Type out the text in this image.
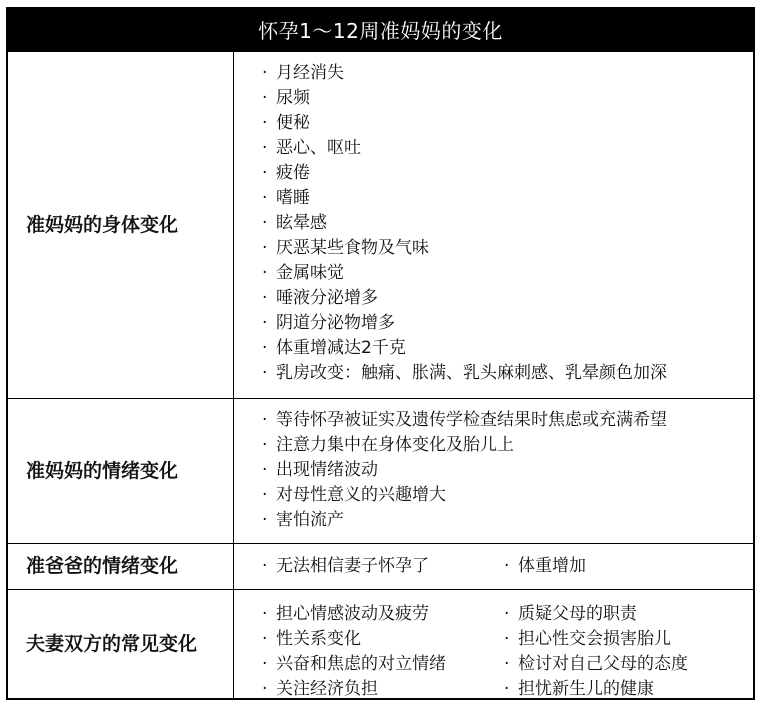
怀孕1～12周准妈妈的变化
准妈妈的身体变化
· 月经消失
· 尿频
· 便秘
· 恶心、呕吐
· 疲倦
· 嗜睡
· 眩晕感
· 厌恶某些食物及气味
· 金属味觉
· 唾液分泌增多
· 阴道分泌物增多
· 体重增减达2千克
· 乳房改变：触痛、胀满、乳头麻刺感、乳晕颜色加深
准妈妈的情绪变化
· 等待怀孕被证实及遗传学检查结果时焦虑或充满希望
· 注意力集中在身体变化及胎儿上
· 出现情绪波动
· 对母性意义的兴趣增大
· 害怕流产
准爸爸的情绪变化	· 无法相信妻子怀孕了	· 体重增加
夫妻双方的常见变化
· 担心情感波动及疲劳
· 性关系变化
· 兴奋和焦虑的对立情绪
· 关注经济负担
· 质疑父母的职责
· 担心性交会损害胎儿
· 检讨对自己父母的态度
· 担忧新生儿的健康
